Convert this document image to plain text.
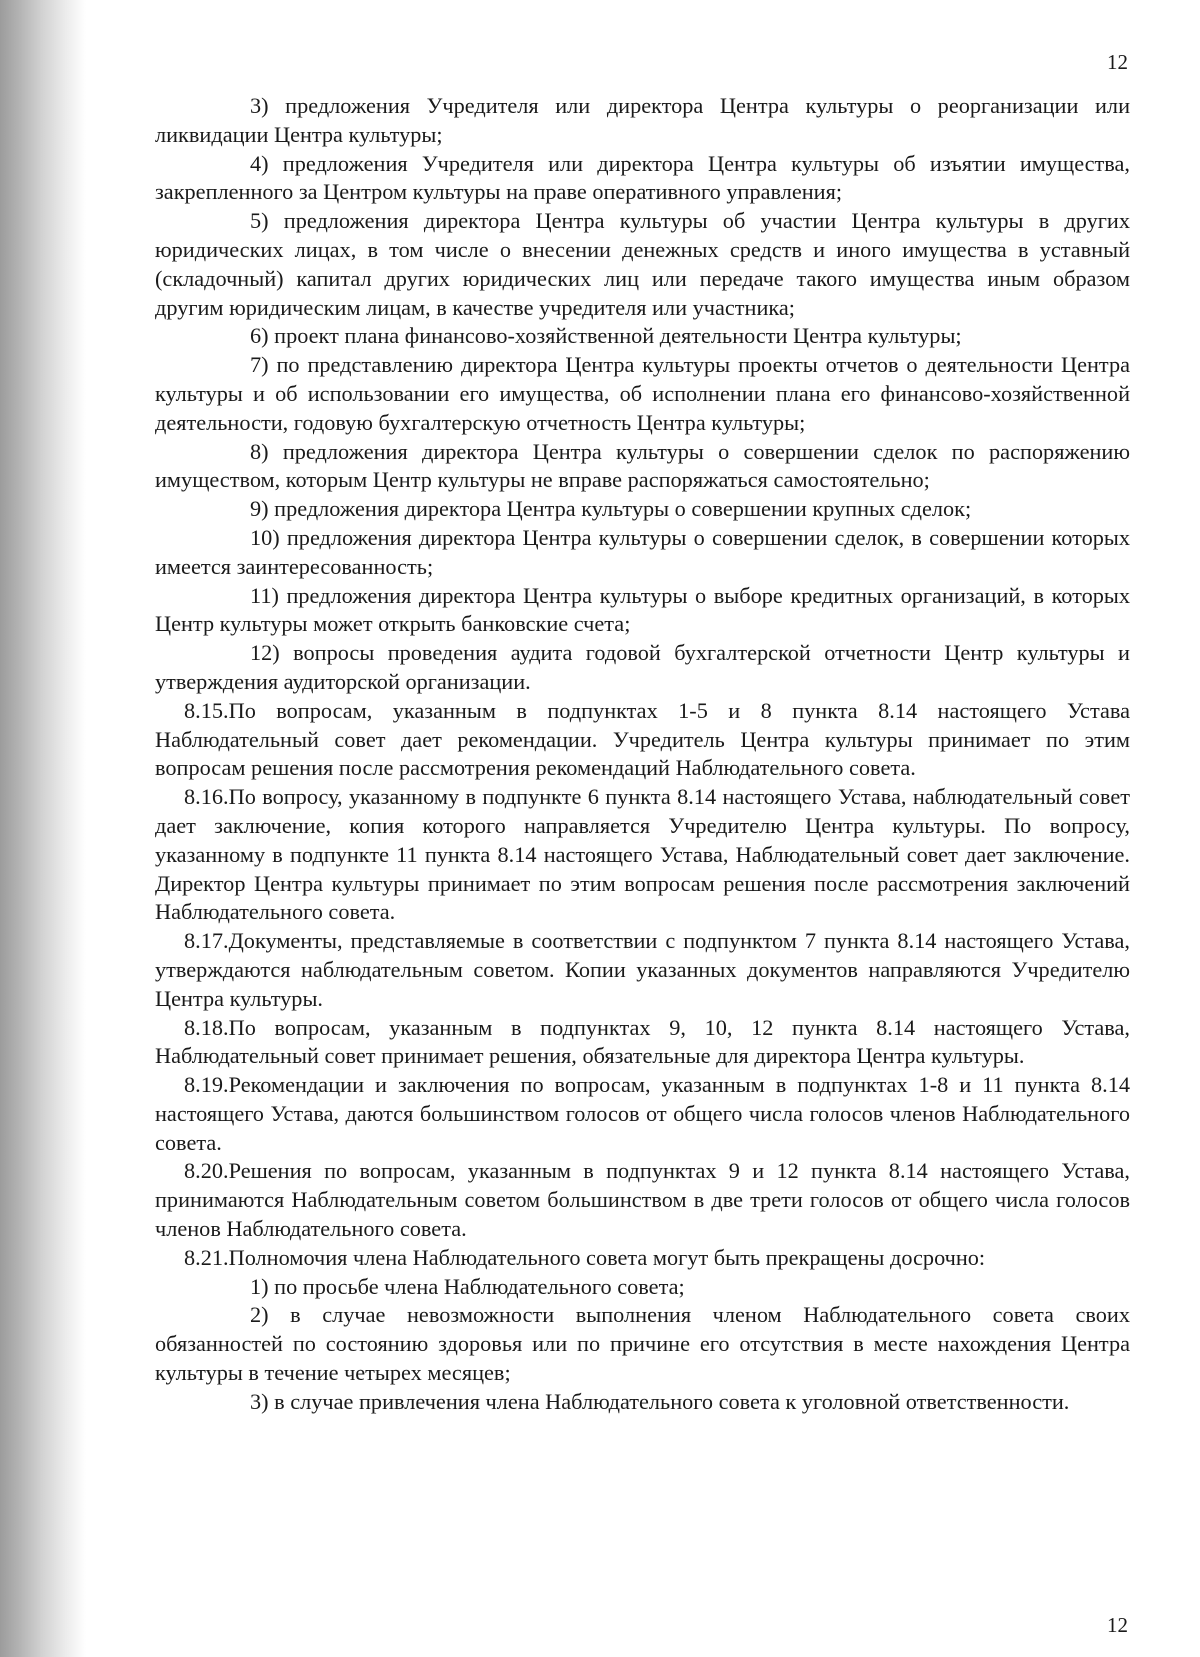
12

3) предложения Учредителя или директора Центра культуры о реорганизации или ликвидации Центра культуры;

4) предложения Учредителя или директора Центра культуры об изъятии имущества, закрепленного за Центром культуры на праве оперативного управления;

5) предложения директора Центра культуры об участии Центра культуры в других юридических лицах, в том числе о внесении денежных средств и иного имущества в уставный (складочный) капитал других юридических лиц или передаче такого имущества иным образом другим юридическим лицам, в качестве учредителя или участника;

6) проект плана финансово-хозяйственной деятельности Центра культуры;

7) по представлению директора Центра культуры проекты отчетов о деятельности Центра культуры и об использовании его имущества, об исполнении плана его финансово-хозяйственной деятельности, годовую бухгалтерскую отчетность Центра культуры;

8) предложения директора Центра культуры о совершении сделок по распоряжению имуществом, которым Центр культуры не вправе распоряжаться самостоятельно;

9) предложения директора Центра культуры о совершении крупных сделок;

10) предложения директора Центра культуры о совершении сделок, в совершении которых имеется заинтересованность;

11) предложения директора Центра культуры о выборе кредитных организаций, в которых Центр культуры может открыть банковские счета;

12) вопросы проведения аудита годовой бухгалтерской отчетности Центр культуры и утверждения аудиторской организации.

8.15.По вопросам, указанным в подпунктах 1-5 и 8 пункта 8.14 настоящего Устава Наблюдательный совет дает рекомендации. Учредитель Центра культуры принимает по этим вопросам решения после рассмотрения рекомендаций Наблюдательного совета.

8.16.По вопросу, указанному в подпункте 6 пункта 8.14 настоящего Устава, наблюдательный совет дает заключение, копия которого направляется Учредителю Центра культуры. По вопросу, указанному в подпункте 11 пункта 8.14 настоящего Устава, Наблюдательный совет дает заключение. Директор Центра культуры принимает по этим вопросам решения после рассмотрения заключений Наблюдательного совета.

8.17.Документы, представляемые в соответствии с подпунктом 7 пункта 8.14 настоящего Устава, утверждаются наблюдательным советом. Копии указанных документов направляются Учредителю Центра культуры.

8.18.По вопросам, указанным в подпунктах 9, 10, 12 пункта 8.14 настоящего Устава, Наблюдательный совет принимает решения, обязательные для директора Центра культуры.

8.19.Рекомендации и заключения по вопросам, указанным в подпунктах 1-8 и 11 пункта 8.14 настоящего Устава, даются большинством голосов от общего числа голосов членов Наблюдательного совета.

8.20.Решения по вопросам, указанным в подпунктах 9 и 12 пункта 8.14 настоящего Устава, принимаются Наблюдательным советом большинством в две трети голосов от общего числа голосов членов Наблюдательного совета.

8.21.Полномочия члена Наблюдательного совета могут быть прекращены досрочно:

1) по просьбе члена Наблюдательного совета;

2) в случае невозможности выполнения членом Наблюдательного совета своих обязанностей по состоянию здоровья или по причине его отсутствия в месте нахождения Центра культуры в течение четырех месяцев;

3) в случае привлечения члена Наблюдательного совета к уголовной ответственности.

12
